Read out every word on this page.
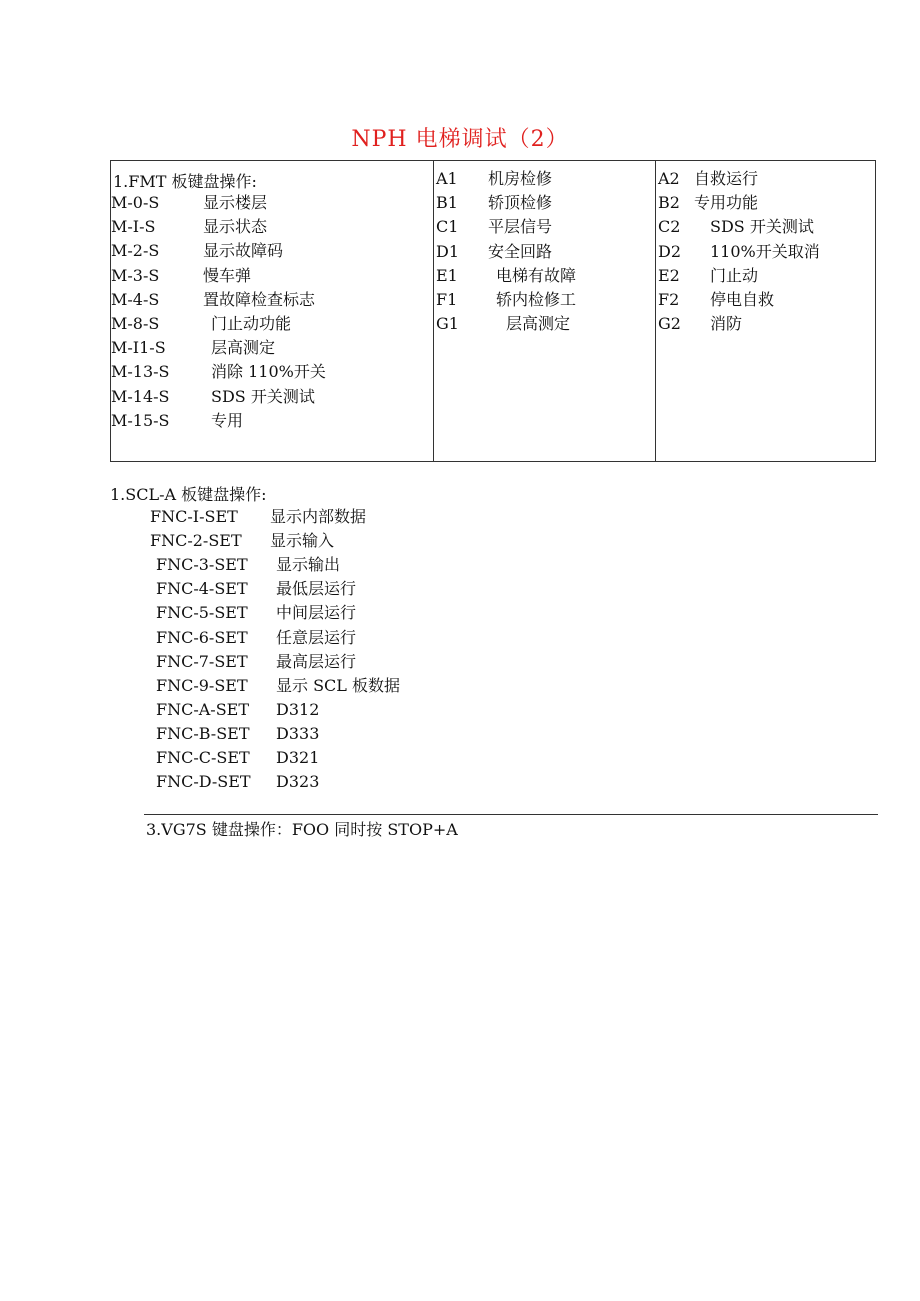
NPH 电梯调试（2）
1.FMT 板键盘操作:
M-0-S	显示楼层
M-I-S	显示状态
M-2-S	显示故障码
M-3-S	慢车弹
M-4-S	置故障检查标志
M-8-S	门止动功能
M-I1-S	层高测定
M-13-S	消除 110%开关
M-14-S	SDS 开关测试
M-15-S	专用
A1 机房检修
B1 轿顶检修
C1 平层信号
D1 安全回路
E1 电梯有故障
F1 轿内检修工
G1	层高测定
A2 自救运行
B2 专用功能
C2 SDS 开关测试
D2 110%开关取消
E2 门止动
F2 停电自救
G2 消防
1.SCL-A 板键盘操作:
FNC-I-SET 显示内部数据
FNC-2-SET 显示输入
FNC-3-SET 显示输出
FNC-4-SET 最低层运行
FNC-5-SET 中间层运行
FNC-6-SET 任意层运行
FNC-7-SET 最高层运行
FNC-9-SET 显示 SCL 板数据
FNC-A-SET D312
FNC-B-SET D333
FNC-C-SET D321
FNC-D-SET D323
3.VG7S 键盘操作：FOO 同时按 STOP+A
